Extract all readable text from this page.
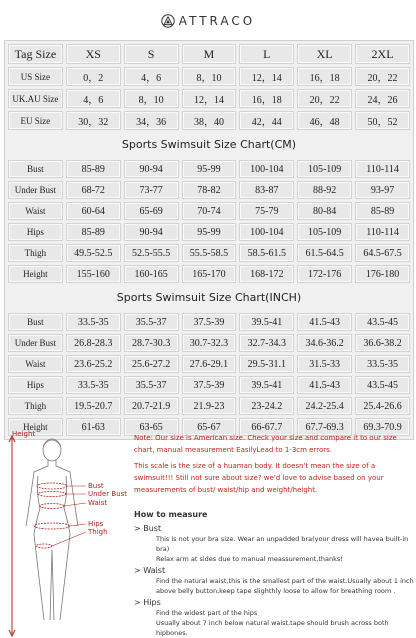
ATTRACO
Tag Size	XS	S	M	L	XL	2XL
US Size	0，2	4，6	8，10	12，14	16，18	20，22
UK.AU Size	4，6	8，10	12，14	16，18	20，22	24，26
EU Size	30，32	34，36	38，40	42，44	46，48	50，52
Sports Swimsuit Size Chart(CM)
Bust	85-89	90-94	95-99	100-104	105-109	110-114
Under Bust	68-72	73-77	78-82	83-87	88-92	93-97
Waist	60-64	65-69	70-74	75-79	80-84	85-89
Hips	85-89	90-94	95-99	100-104	105-109	110-114
Thigh	49.5-52.5	52.5-55.5	55.5-58.5	58.5-61.5	61.5-64.5	64.5-67.5
Height	155-160	160-165	165-170	168-172	172-176	176-180
Sports Swimsuit Size Chart(INCH)
Bust	33.5-35	35.5-37	37.5-39	39.5-41	41.5-43	43.5-45
Under Bust	26.8-28.3	28.7-30.3	30.7-32.3	32.7-34.3	34.6-36.2	36.6-38.2
Waist	23.6-25.2	25.6-27.2	27.6-29.1	29.5-31.1	31.5-33	33.5-35
Hips	33.5-35	35.5-37	37.5-39	39.5-41	41.5-43	43.5-45
Thigh	19.5-20.7	20.7-21.9	21.9-23	23-24.2	24.2-25.4	25.4-26.6
Height	61-63	63-65	65-67	66-67.7	67.7-69.3	69.3-70.9
Height
Bust
Under Bust
Waist
Hips
Thigh
Note: Our size is American size. Check your size and compare it to our size chart, manual measurement EasilyLead to 1-3cm errors.
This scale is the size of a huaman body. It doesn't mean the size of a swimsuit!!! Still not sure about size? we'd love to advise based on your measurements of bust/ waist/hip and weight/height.
How to measure
> Bust
This is not your bra size. Wear an unpadded bra(your dress will havea built-in bra)
Relax arm at sides due to manual meassurement,thanks!
> Waist
Find the natural waist,this is the smallest part of the waist.Usually about 1 inch
above belly button,keep tape slighthly loose to allow for breathing room .
> Hips
Find the widest part of the hips
Usually about 7 inch below natural waist,tape should brush across both hipbones.
